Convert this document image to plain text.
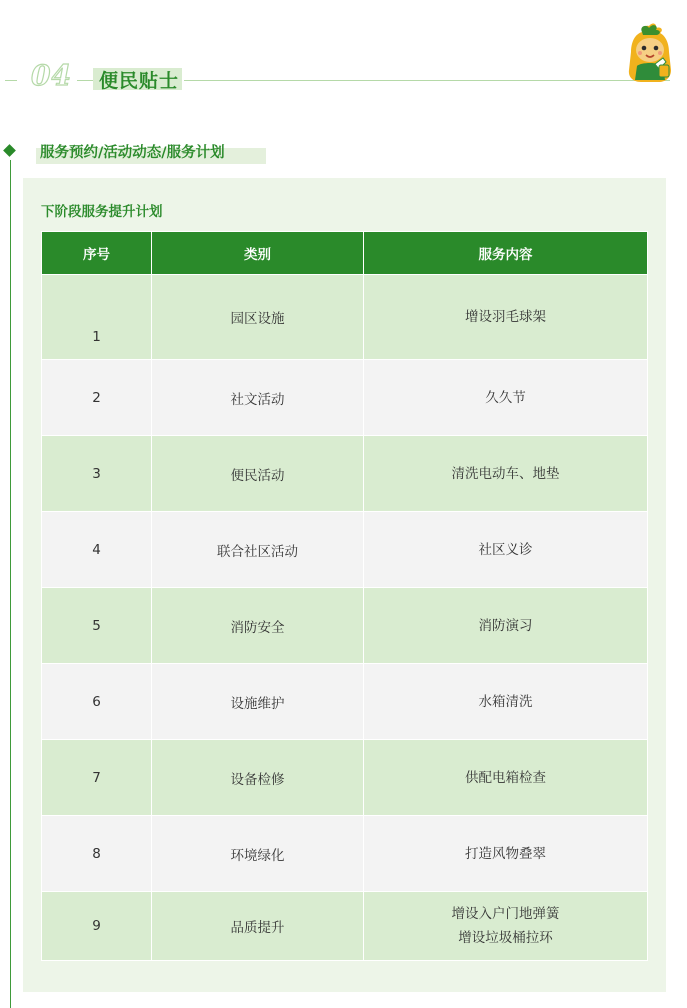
04 便民贴士
服务预约/活动动态/服务计划
下阶段服务提升计划
序号	类别	服务内容
1	园区设施	增设羽毛球架

2	社文活动	久久节

3	便民活动	清洗电动车、地垫

4	联合社区活动	社区义诊

5	消防安全	消防演习

6	设施维护	水箱清洗

7	设备检修	供配电箱检查

8	环境绿化	打造风物叠翠

9	品质提升	增设入户门地弹簧
增设垃圾桶拉环
